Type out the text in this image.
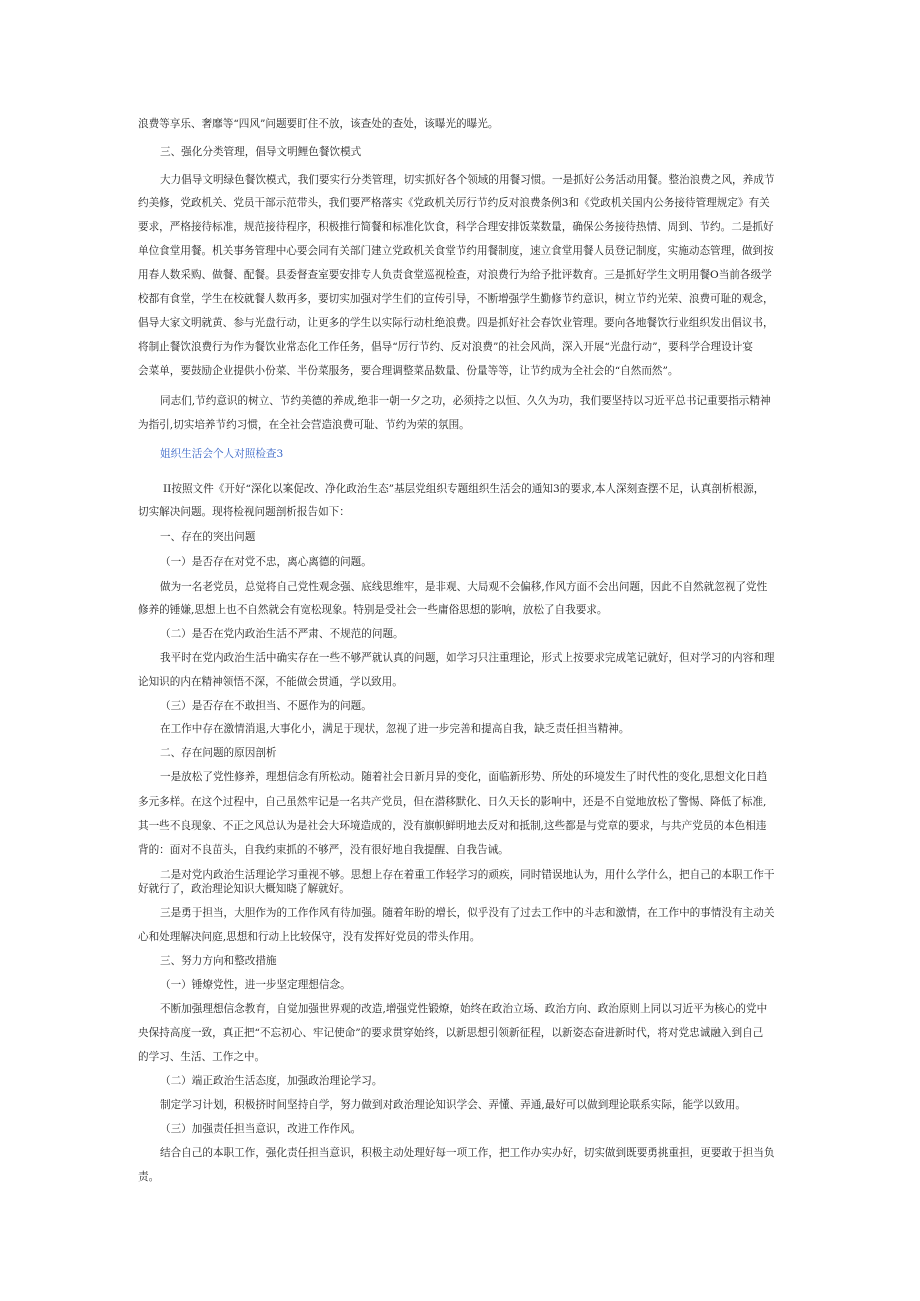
浪费等享乐、奢靡等“四风”问题要盯住不放，该查处的查处，该曝光的曝光。
三、强化分类管理，倡导文明鲤色餐饮模式
大力倡导文明绿色餐饮模式，我们要实行分类管理，切实抓好各个领域的用餐习惯。一是抓好公务活动用餐。整治浪费之风，养成节
约美修，党政机关、党员干部示范带头，我们要严格落实《党政机关厉行节约反对浪费条例3和《党政机关国内公务接待管理规定》有关
要求，严格接待标准，规范接待程序，积极推行简餐和标准化饮食，科学合理安排饭菜数量，确保公务接待热情、周到、节约。二是抓好
单位食堂用餐。机关事务管理中心要会同有关部门建立党政机关食堂节约用餐制度，速立食堂用餐人员登记制度，实施动态管理，做到按
用春人数采购、做餐、配餐。县委督查室要安排专人负责食堂巡视检查，对浪费行为给予批评数育。三是抓好学生文明用餐O当前各级学
校都有食堂，学生在校就餐人数再多，要切实加强对学生们的宣传引导，不断增强学生勤修节约意识，树立节约光荣、浪费可耻的观念，
倡导大家文明就黄、参与光盘行动，让更多的学生以实际行动杜绝浪费。四是抓好社会春饮业管理。要向各地餐饮行业组织发出倡议书，
将制止餐饮浪费行为作为餐饮业常态化工作任务，倡导“厉行节约、反对浪费”的社会风尚，深入开展“光盘行动”，要科学合理设计宴
会菜单，要鼓励企业提供小份菜、半份菜服务，要合理调整菜品数量、份量等等，让节约成为全社会的“自然而然”。
同志们,节约意识的树立、节约美德的养成,绝非一朝一夕之功，必须持之以恒、久久为功，我们要坚持以习近平总书记重要指示精神
为指引,切实培养节约习惯，在全社会营造浪费可耻、节约为荣的氛围。
姐织生活会个人对照检查3
II按照文件《开好“深化以案促改、净化政治生态”基层党组织专题组织生活会的通知3的要求,本人深刻查摆不足，认真剖析根源，
切实解决问题。现将检视问题剖析报告如下：
一、存在的突出问题
（一）是否存在对党不忠，离心离德的问题。
做为一名老党员，总觉将自己党性观念强、底线思维牢，是非观、大局观不会偏移,作风方面不会出问题，因此不自然就忽视了党性
修养的锤嫌,思想上也不自然就会有宽松现象。特别是受社会一些庸俗思想的影响，放松了自我要求。
（二）是否在党内政治生活不严肃、不规范的问题。
我平时在党内政治生活中确实存在一些不够严就认真的问题，如学习只注重理论，形式上按要求完成笔记就好，但对学习的内容和理
论知识的内在精神领悟不深，不能做会贯通，学以致用。
（三）是否存在不敢担当、不愿作为的问题。
在工作中存在激情消退,大事化小，满足于现状，忽视了进一步完善和提高自我，缺乏责任担当精神。
二、存在问题的原因剖析
一是放松了党性修养，理想信念有所松动。随着社会日新月异的变化，面临新形势、所处的环境发生了时代性的变化,思想文化日趋
多元多样。在这个过程中，自己虽然牢记是一名共产党员，但在潜移默化、日久天长的影响中，还是不自觉地放松了警惕、降低了标准,
其一些不良现象、不正之风总认为是社会大环境造成的，没有旗帜鲜明地去反对和抵制,这些都是与党章的要求，与共产党员的本色相违
背的：面对不良苗头，自我约束抓的不够严，没有很好地自我提醒、自我告诫。
二是对党内政治生活理论学习重视不够。思想上存在着重工作轻学习的顽疾，同时错误地认为，用什么学什么，把自己的本职工作干
好就行了，政治理论知识大概知晓了解就好。
三是勇于担当，大胆作为的工作作风有待加强。随着年盼的增长，似乎没有了过去工作中的斗志和激情，在工作中的事情没有主动关
心和处理解决问庭,思想和行动上比较保守，没有发挥好党员的带头作用。
三、努力方向和整改措施
（一）锤燎党性，进一步坚定理想信念。
不断加强理想信念教育，自觉加强世界观的改造,增强党性锻燎，始终在政治立场、政治方向、政治原则上同以习近平为核心的党中
央保持高度一致，真正把“不忘初心、牢记使命”的要求贯穿始终，以新思想引领新征程，以新姿态奋进新时代，将对党忠诚融入到自己
的学习、生活、工作之中。
（二）端正政治生活态度，加强政治理论学习。
制定学习计划，积极挤时间坚持自学，努力做到对政治理论知识学会、弄懂、弄通,最好可以做到理论联系实际，能学以致用。
（三）加强责任担当意识，改进工作作风。
结合自己的本职工作，强化责任担当意识，积极主动处理好每一项工作，把工作办实办好，切实做到既要勇挑重担，更要敢于担当负
责。
